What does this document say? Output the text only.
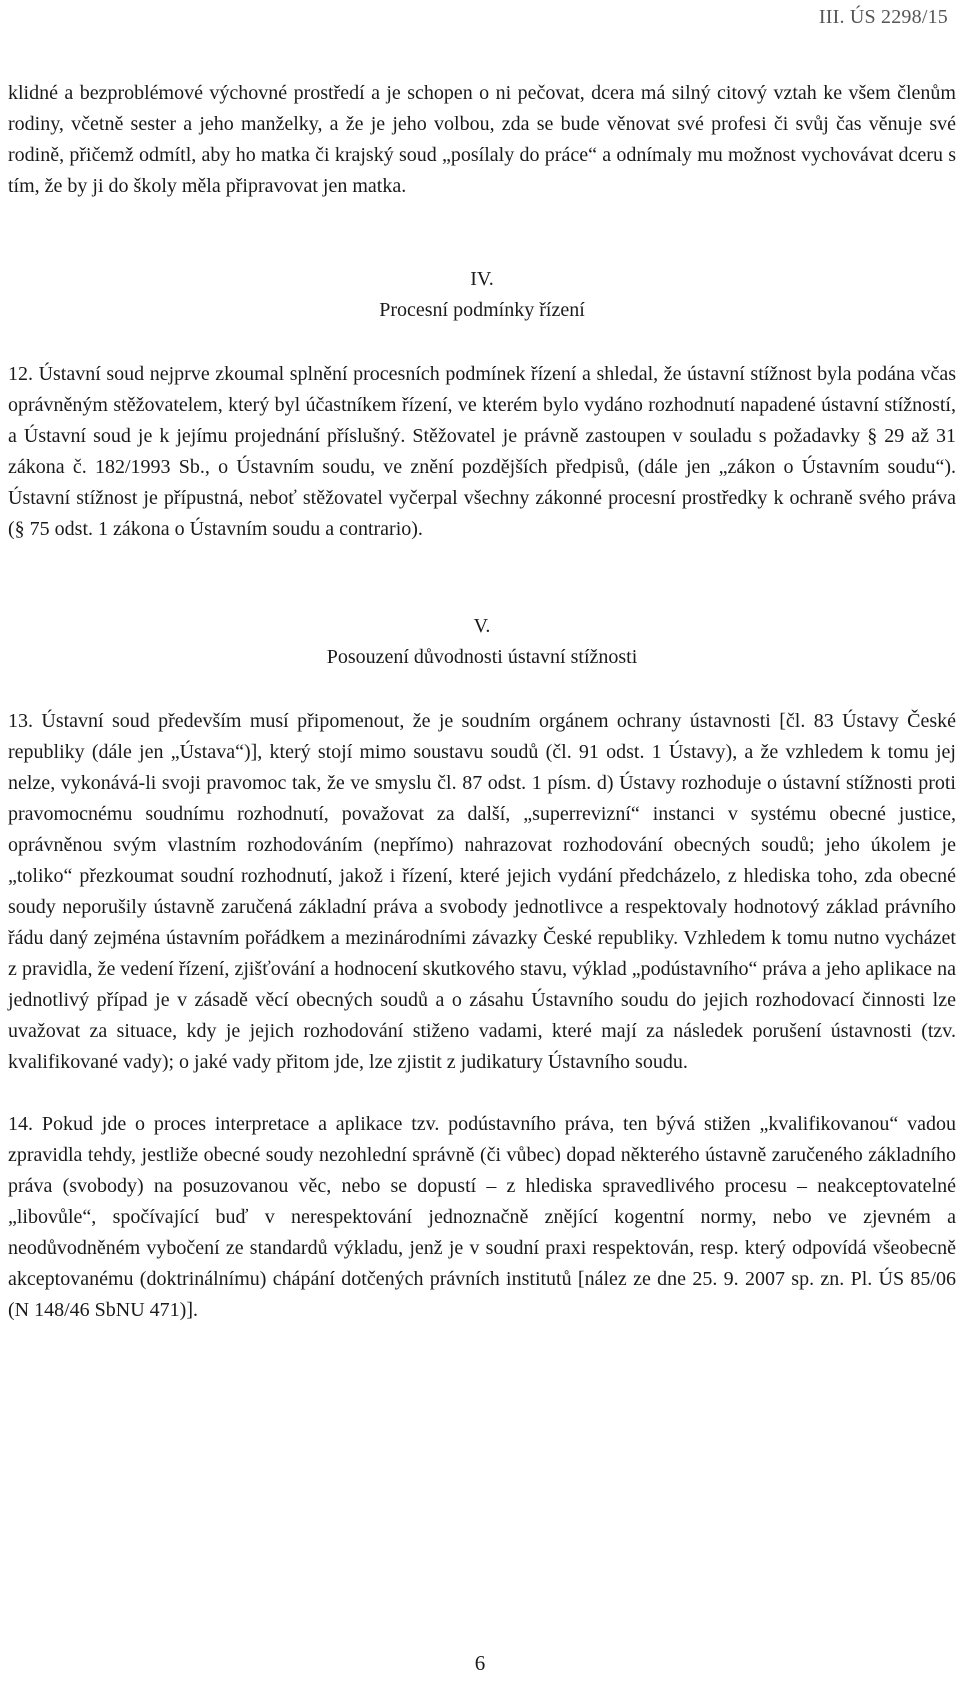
III. ÚS 2298/15

klidné a bezproblémové výchovné prostředí a je schopen o ni pečovat, dcera má silný citový vztah ke všem členům rodiny, včetně sester a jeho manželky, a že je jeho volbou, zda se bude věnovat své profesi či svůj čas věnuje své rodině, přičemž odmítl, aby ho matka či krajský soud „posílaly do práce“ a odnímaly mu možnost vychovávat dceru s tím, že by ji do školy měla připravovat jen matka.

IV.
Procesní podmínky řízení

12. Ústavní soud nejprve zkoumal splnění procesních podmínek řízení a shledal, že ústavní stížnost byla podána včas oprávněným stěžovatelem, který byl účastníkem řízení, ve kterém bylo vydáno rozhodnutí napadené ústavní stížností, a Ústavní soud je k jejímu projednání příslušný. Stěžovatel je právně zastoupen v souladu s požadavky § 29 až 31 zákona č. 182/1993 Sb., o Ústavním soudu, ve znění pozdějších předpisů, (dále jen „zákon o Ústavním soudu“). Ústavní stížnost je přípustná, neboť stěžovatel vyčerpal všechny zákonné procesní prostředky k ochraně svého práva (§ 75 odst. 1 zákona o Ústavním soudu a contrario).

V.
Posouzení důvodnosti ústavní stížnosti

13. Ústavní soud především musí připomenout, že je soudním orgánem ochrany ústavnosti [čl. 83 Ústavy České republiky (dále jen „Ústava“)], který stojí mimo soustavu soudů (čl. 91 odst. 1 Ústavy), a že vzhledem k tomu jej nelze, vykonává-li svoji pravomoc tak, že ve smyslu čl. 87 odst. 1 písm. d) Ústavy rozhoduje o ústavní stížnosti proti pravomocnému soudnímu rozhodnutí, považovat za další, „superrevizní“ instanci v systému obecné justice, oprávněnou svým vlastním rozhodováním (nepřímo) nahrazovat rozhodování obecných soudů; jeho úkolem je „toliko“ přezkoumat soudní rozhodnutí, jakož i řízení, které jejich vydání předcházelo, z hlediska toho, zda obecné soudy neporušily ústavně zaručená základní práva a svobody jednotlivce a respektovaly hodnotový základ právního řádu daný zejména ústavním pořádkem a mezinárodními závazky České republiky. Vzhledem k tomu nutno vycházet z pravidla, že vedení řízení, zjišťování a hodnocení skutkového stavu, výklad „podústavního“ práva a jeho aplikace na jednotlivý případ je v zásadě věcí obecných soudů a o zásahu Ústavního soudu do jejich rozhodovací činnosti lze uvažovat za situace, kdy je jejich rozhodování stiženo vadami, které mají za následek porušení ústavnosti (tzv. kvalifikované vady); o jaké vady přitom jde, lze zjistit z judikatury Ústavního soudu.

14. Pokud jde o proces interpretace a aplikace tzv. podústavního práva, ten bývá stižen „kvalifikovanou“ vadou zpravidla tehdy, jestliže obecné soudy nezohlední správně (či vůbec) dopad některého ústavně zaručeného základního práva (svobody) na posuzovanou věc, nebo se dopustí – z hlediska spravedlivého procesu – neakceptovatelné „libovůle“, spočívající buď v nerespektování jednoznačně znějící kogentní normy, nebo ve zjevném a neodůvodněném vybočení ze standardů výkladu, jenž je v soudní praxi respektován, resp. který odpovídá všeobecně akceptovanému (doktrinálnímu) chápání dotčených právních institutů [nález ze dne 25. 9. 2007 sp. zn. Pl. ÚS 85/06 (N 148/46 SbNU 471)].

6
